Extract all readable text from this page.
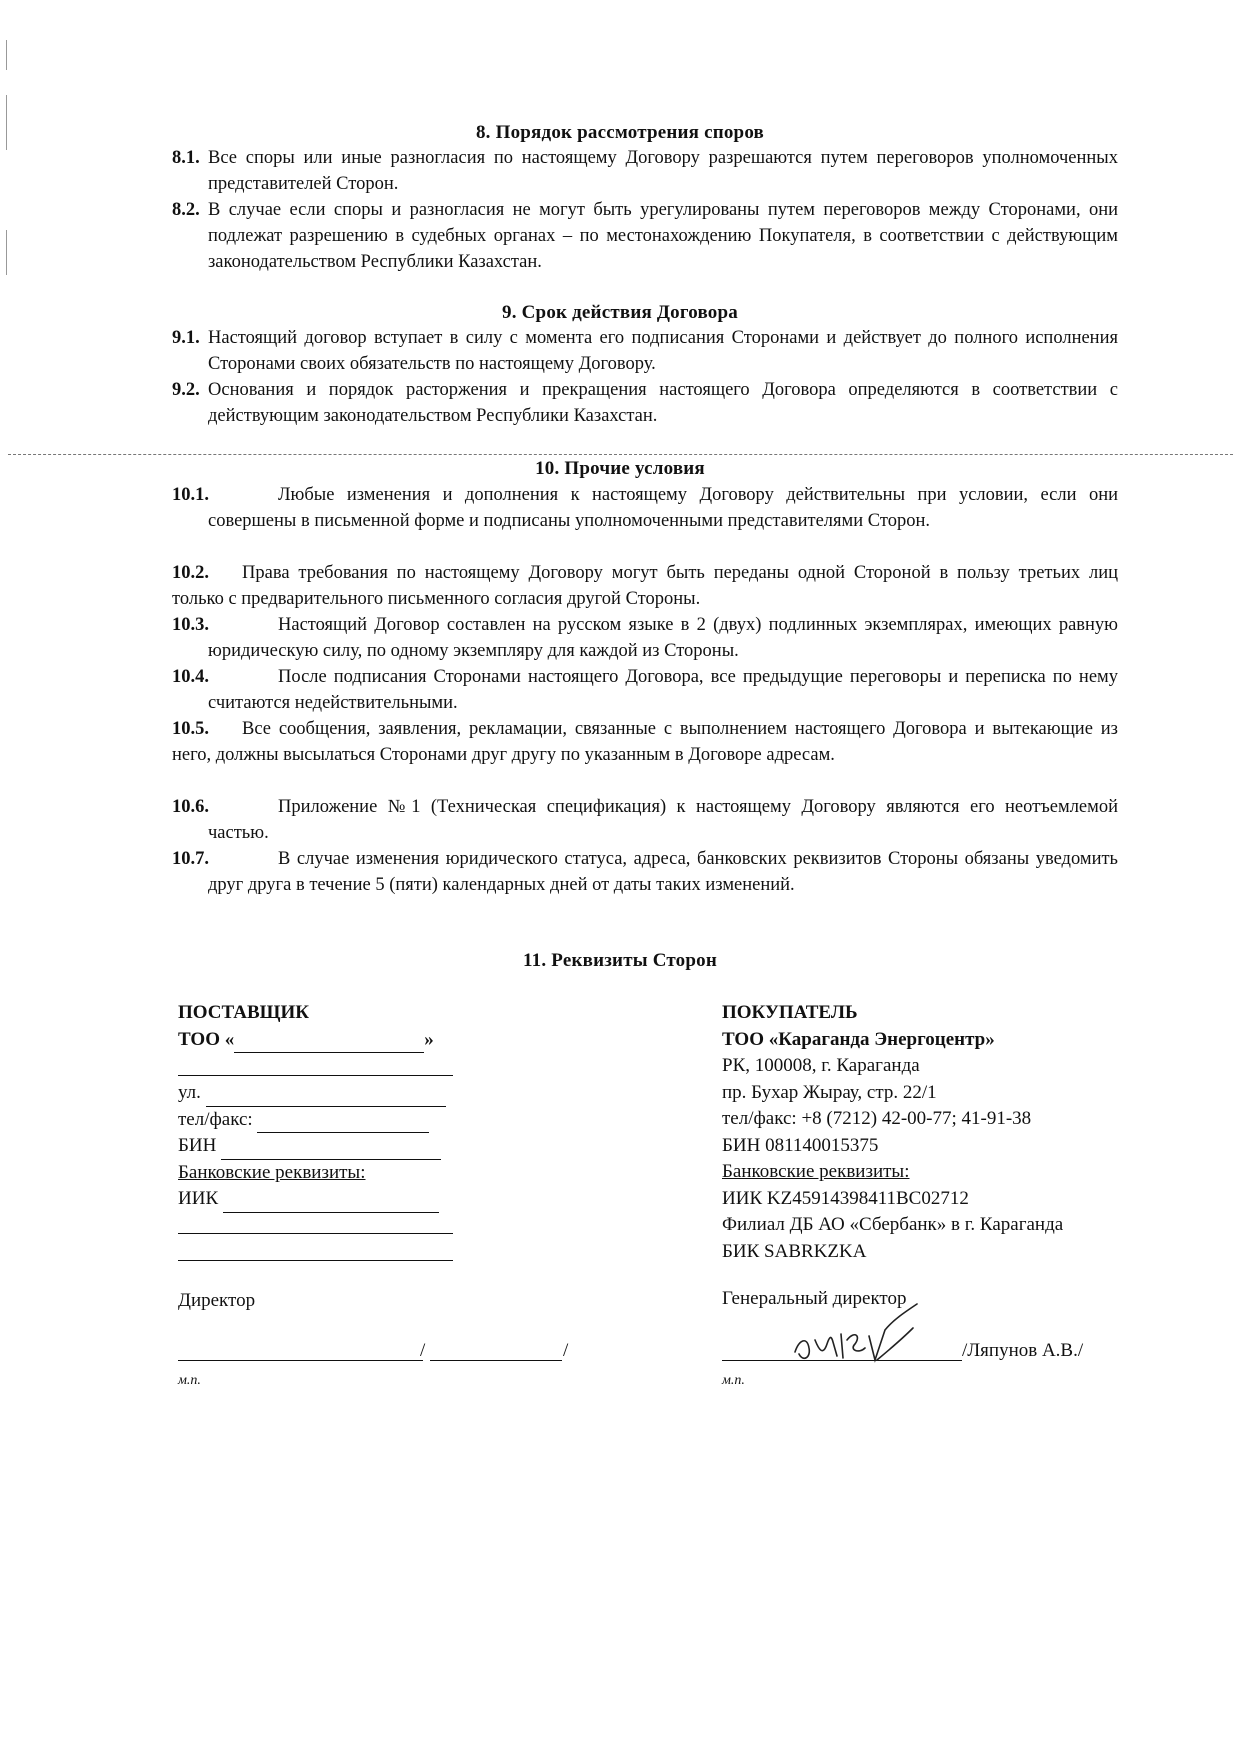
8. Порядок рассмотрения споров
8.1. Все споры или иные разногласия по настоящему Договору разрешаются путем переговоров уполномоченных представителей Сторон.
8.2. В случае если споры и разногласия не могут быть урегулированы путем переговоров между Сторонами, они подлежат разрешению в судебных органах – по местонахождению Покупателя, в соответствии с действующим законодательством Республики Казахстан.
9. Срок действия Договора
9.1. Настоящий договор вступает в силу с момента его подписания Сторонами и действует до полного исполнения Сторонами своих обязательств по настоящему Договору.
9.2. Основания и порядок расторжения и прекращения настоящего Договора определяются в соответствии с действующим законодательством Республики Казахстан.
10. Прочие условия
10.1.	Любые изменения и дополнения к настоящему Договору действительны при условии, если они совершены в письменной форме и подписаны уполномоченными представителями Сторон.
10.2.	Права требования по настоящему Договору могут быть переданы одной Стороной в пользу третьих лиц только с предварительного письменного согласия другой Стороны.
10.3.	Настоящий Договор составлен на русском языке в 2 (двух) подлинных экземплярах, имеющих равную юридическую силу, по одному экземпляру для каждой из Стороны.
10.4.	После подписания Сторонами настоящего Договора, все предыдущие переговоры и переписка по нему считаются недействительными.
10.5.	Все сообщения, заявления, рекламации, связанные с выполнением настоящего Договора и вытекающие из него, должны высылаться Сторонами друг другу по указанным в Договоре адресам.
10.6.	Приложение №1 (Техническая спецификация) к настоящему Договору являются его неотъемлемой частью.
10.7.	В случае изменения юридического статуса, адреса, банковских реквизитов Стороны обязаны уведомить друг друга в течение 5 (пяти) календарных дней от даты таких изменений.
11. Реквизиты Сторон
ПОСТАВЩИК
ТОО «	»
ул.
тел/факс:
БИН
Банковские реквизиты:
ИИК
Директор
/	/
м.п.
ПОКУПАТЕЛЬ
ТОО «Караганда Энергоцентр»
РК, 100008, г. Караганда
пр. Бухар Жырау, стр. 22/1
тел/факс: +8 (7212) 42-00-77; 41-91-38
БИН 081140015375
Банковские реквизиты:
ИИК KZ45914398411BC02712
Филиал ДБ АО «Сбербанк» в г. Караганда
БИК SABRKZKA
Генеральный директор
/Ляпунов А.В./
м.п.
